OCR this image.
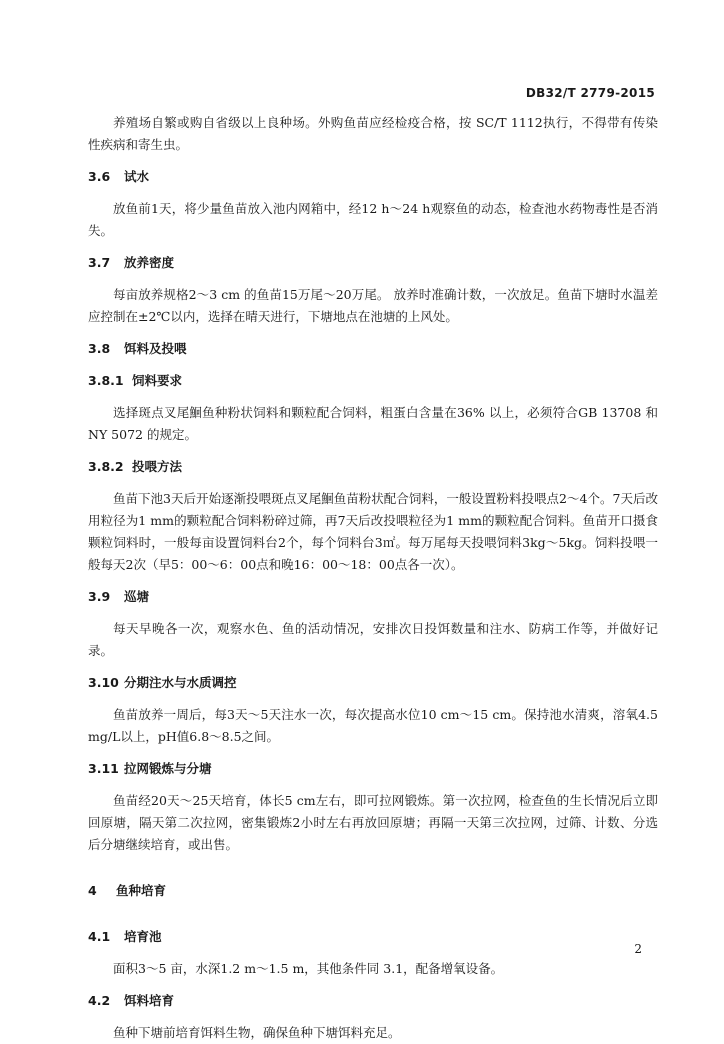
DB32/T 2779-2015

养殖场自繁或购自省级以上良种场。外购鱼苗应经检疫合格，按 SC/T 1112执行，不得带有传染性疾病和寄生虫。

3.6	试水

放鱼前1天，将少量鱼苗放入池内网箱中，经12 h～24 h观察鱼的动态，检查池水药物毒性是否消失。

3.7	放养密度

每亩放养规格2～3 cm 的鱼苗15万尾～20万尾。 放养时准确计数，一次放足。鱼苗下塘时水温差应控制在±2℃以内，选择在晴天进行，下塘地点在池塘的上风处。

3.8	饵料及投喂

3.8.1 饲料要求

选择斑点叉尾鮰鱼种粉状饲料和颗粒配合饲料，粗蛋白含量在36% 以上，必须符合GB 13708 和NY 5072 的规定。

3.8.2 投喂方法

鱼苗下池3天后开始逐渐投喂斑点叉尾鮰鱼苗粉状配合饲料，一般设置粉料投喂点2～4个。7天后改用粒径为1 mm的颗粒配合饲料粉碎过筛，再7天后改投喂粒径为1 mm的颗粒配合饲料。鱼苗开口摄食颗粒饲料时，一般每亩设置饲料台2个，每个饲料台3㎡。每万尾每天投喂饲料3kg～5kg。饲料投喂一般每天2次（早5：00～6：00点和晚16：00～18：00点各一次）。

3.9	巡塘

每天早晚各一次，观察水色、鱼的活动情况，安排次日投饵数量和注水、防病工作等，并做好记录。

3.10 分期注水与水质调控

鱼苗放养一周后，每3天～5天注水一次，每次提高水位10 cm～15 cm。保持池水清爽，溶氧4.5mg/L以上，pH值6.8～8.5之间。

3.11 拉网锻炼与分塘

鱼苗经20天～25天培育，体长5 cm左右，即可拉网锻炼。第一次拉网，检查鱼的生长情况后立即回原塘，隔天第二次拉网，密集锻炼2小时左右再放回原塘；再隔一天第三次拉网，过筛、计数、分选后分塘继续培育，或出售。

4	鱼种培育

4.1	培育池

面积3～5 亩，水深1.2 m～1.5 m，其他条件同 3.1，配备增氧设备。

4.2	饵料培育

鱼种下塘前培育饵料生物，确保鱼种下塘饵料充足。

2
